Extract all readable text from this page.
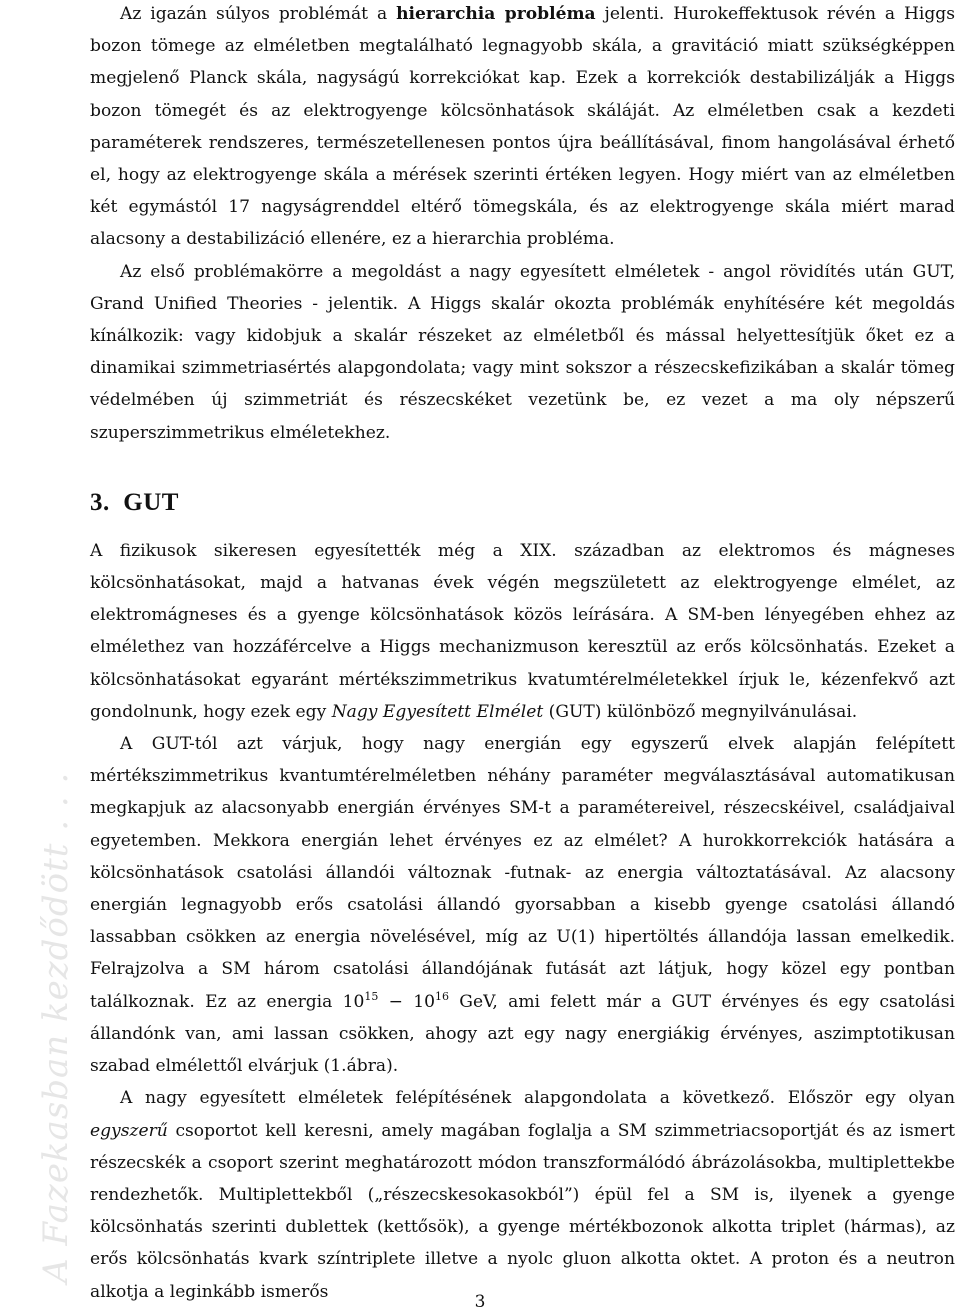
A Fazekasban kezdődött . . .

Az igazán súlyos problémát a hierarchia probléma jelenti. Hurokeffektusok révén a Higgs bozon tömege az elméletben megtalálható legnagyobb skála, a gravitáció miatt szükségképpen megjelenő Planck skála, nagyságú korrekciókat kap. Ezek a korrekciók destabilizálják a Higgs bozon tömegét és az elektrogyenge kölcsönhatások skáláját. Az elméletben csak a kezdeti paraméterek rendszeres, természetellenesen pontos újra beállításával, finom hangolásával érhető el, hogy az elektrogyenge skála a mérések szerinti értéken legyen. Hogy miért van az elméletben két egymástól 17 nagyságrenddel eltérő tömegskála, és az elektrogyenge skála miért marad alacsony a destabilizáció ellenére, ez a hierarchia probléma.

Az első problémakörre a megoldást a nagy egyesített elméletek - angol rövidítés után GUT, Grand Unified Theories - jelentik. A Higgs skalár okozta problémák enyhítésére két megoldás kínálkozik: vagy kidobjuk a skalár részeket az elméletből és mással helyettesítjük őket ez a dinamikai szimmetriasértés alapgondolata; vagy mint sokszor a részecskefizikában a skalár tömeg védelmében új szimmetriát és részecskéket vezetünk be, ez vezet a ma oly népszerű szuperszimmetrikus elméletekhez.

3. GUT

A fizikusok sikeresen egyesítették még a XIX. században az elektromos és mágneses kölcsönhatásokat, majd a hatvanas évek végén megszületett az elektrogyenge elmélet, az elektromágneses és a gyenge kölcsönhatások közös leírására. A SM-ben lényegében ehhez az elmélethez van hozzáfércelve a Higgs mechanizmuson keresztül az erős kölcsönhatás. Ezeket a kölcsönhatásokat egyaránt mértékszimmetrikus kvatumtérelméletekkel írjuk le, kézenfekvő azt gondolnunk, hogy ezek egy Nagy Egyesített Elmélet (GUT) különböző megnyilvánulásai.

A GUT-tól azt várjuk, hogy nagy energián egy egyszerű elvek alapján felépített mértékszimmetrikus kvantumtérelméletben néhány paraméter megválasztásával automatikusan megkapjuk az alacsonyabb energián érvényes SM-t a paramétereivel, részecskéivel, családjaival egyetemben. Mekkora energián lehet érvényes ez az elmélet? A hurokkorrekciók hatására a kölcsönhatások csatolási állandói változnak -futnak- az energia változtatásával. Az alacsony energián legnagyobb erős csatolási állandó gyorsabban a kisebb gyenge csatolási állandó lassabban csökken az energia növelésével, míg az U(1) hipertöltés állandója lassan emelkedik. Felrajzolva a SM három csatolási állandójának futását azt látjuk, hogy közel egy pontban találkoznak. Ez az energia $10^{15} - 10^{16}$ GeV, ami felett már a GUT érvényes és egy csatolási állandónk van, ami lassan csökken, ahogy azt egy nagy energiákig érvényes, aszimptotikusan szabad elmélettől elvárjuk (1.ábra).

A nagy egyesített elméletek felépítésének alapgondolata a következő. Először egy olyan egyszerű csoportot kell keresni, amely magában foglalja a SM szimmetriacsoportját és az ismert részecskék a csoport szerint meghatározott módon transzformálódó ábrázolásokba, multiplettekbe rendezhetők. Multiplettekből („részecskesokasokból”) épül fel a SM is, ilyenek a gyenge kölcsönhatás szerinti dublettek (kettősök), a gyenge mértékbozonok alkotta triplet (hármas), az erős kölcsönhatás kvark színtriplete illetve a nyolc gluon alkotta oktet. A proton és a neutron alkotja a leginkább ismerős

3
